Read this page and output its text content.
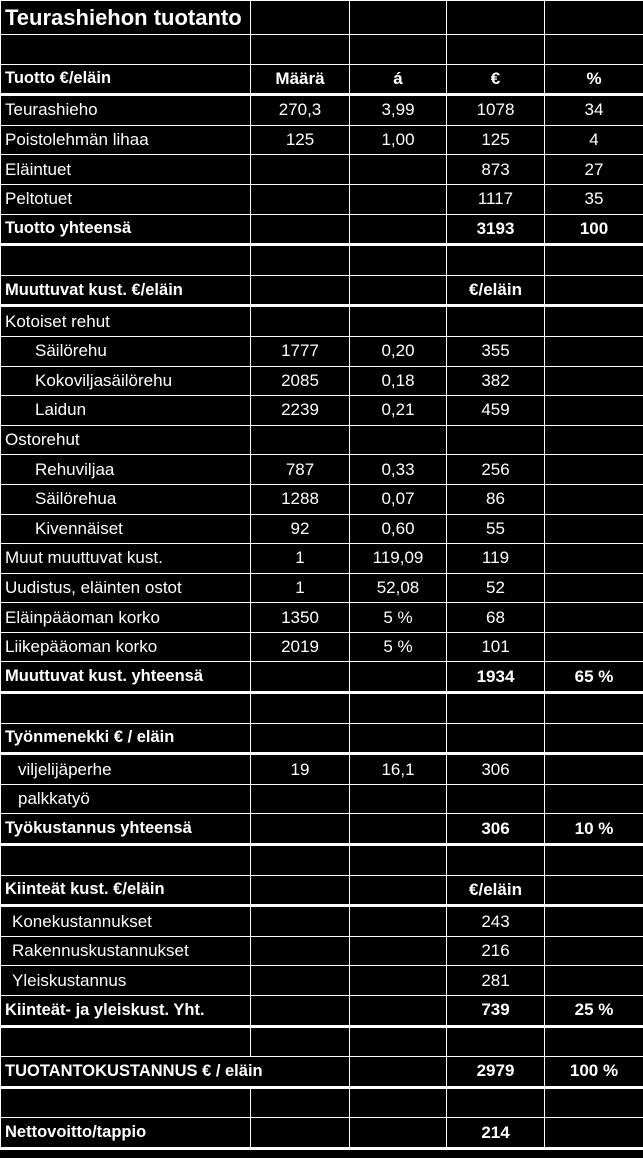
Teurashiehon tuotanto				

Tuotto €/eläin	Määrä	á	€	%
Teurashieho	270,3	3,99	1078	34
Poistolehmän lihaa	125	1,00	125	4
Eläintuet			873	27
Peltotuet			1117	35
Tuotto yhteensä			3193	100

Muuttuvat kust. €/eläin			€/eläin	
Kotoiset rehut				
Säilörehu	1777	0,20	355	
Kokoviljasäilörehu	2085	0,18	382	
Laidun	2239	0,21	459	
Ostorehut				
Rehuviljaa	787	0,33	256	
Säilörehua	1288	0,07	86	
Kivennäiset	92	0,60	55	
Muut muuttuvat kust.	1	119,09	119	
Uudistus, eläinten ostot	1	52,08	52	
Eläinpääoman korko	1350	5 %	68	
Liikepääoman korko	2019	5 %	101	
Muuttuvat kust. yhteensä			1934	65 %

Työnmenekki € / eläin				
viljelijäperhe	19	16,1	306	
palkkatyö				
Työkustannus yhteensä			306	10 %

Kiinteät kust. €/eläin			€/eläin	
Konekustannukset			243	
Rakennuskustannukset			216	
Yleiskustannus			281	
Kiinteät- ja yleiskust. Yht.			739	25 %

TUOTANTOKUSTANNUS € / eläin			2979	100 %

Nettovoitto/tappio			214	
